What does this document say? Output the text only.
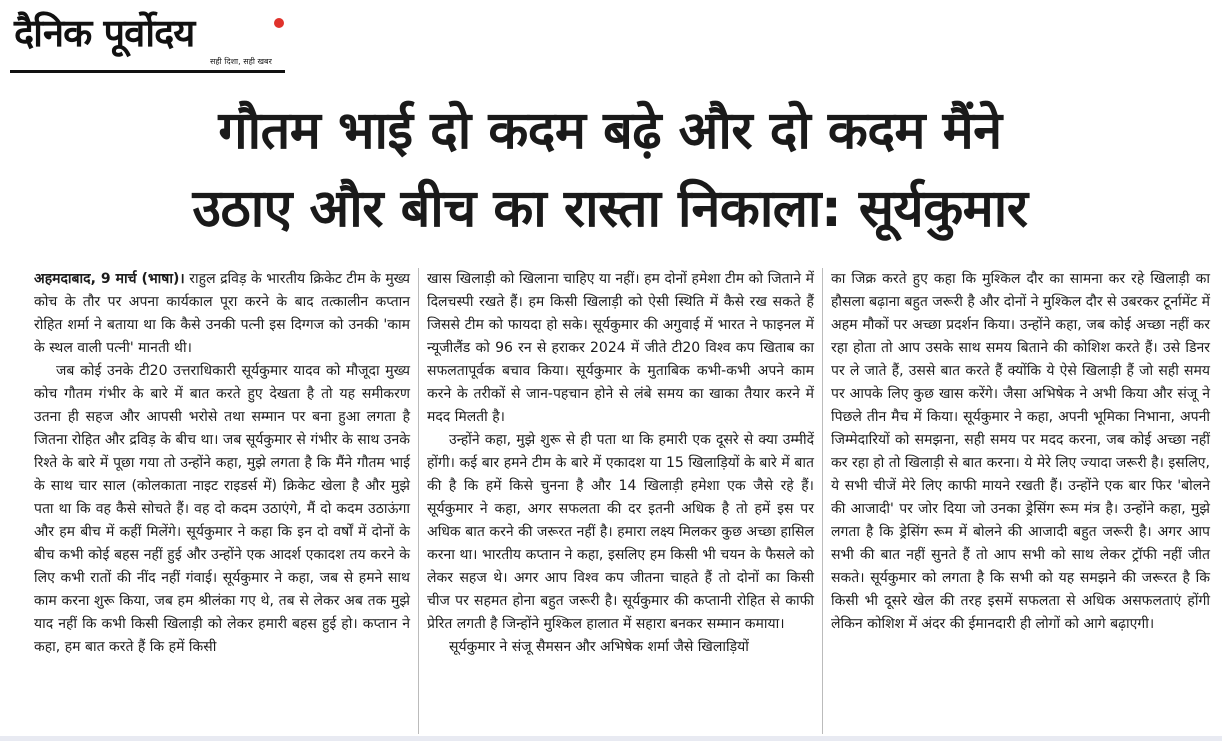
दैनिक पूर्वोदय
सही दिशा, सही खबर
गौतम भाई दो कदम बढ़े और दो कदम मैंने
उठाए और बीच का रास्ता निकाला: सूर्यकुमार

अहमदाबाद, 9 मार्च (भाषा)। राहुल द्रविड़ के भारतीय क्रिकेट टीम के मुख्य कोच के तौर पर अपना कार्यकाल पूरा करने के बाद तत्कालीन कप्तान रोहित शर्मा ने बताया था कि कैसे उनकी पत्नी इस दिग्गज को उनकी 'काम के स्थल वाली पत्नी' मानती थी।

जब कोई उनके टी20 उत्तराधिकारी सूर्यकुमार यादव को मौजूदा मुख्य कोच गौतम गंभीर के बारे में बात करते हुए देखता है तो यह समीकरण उतना ही सहज और आपसी भरोसे तथा सम्मान पर बना हुआ लगता है जितना रोहित और द्रविड़ के बीच था। जब सूर्यकुमार से गंभीर के साथ उनके रिश्ते के बारे में पूछा गया तो उन्होंने कहा, मुझे लगता है कि मैंने गौतम भाई के साथ चार साल (कोलकाता नाइट राइडर्स में) क्रिकेट खेला है और मुझे पता था कि वह कैसे सोचते हैं। वह दो कदम उठाएंगे, मैं दो कदम उठाऊंगा और हम बीच में कहीं मिलेंगे। सूर्यकुमार ने कहा कि इन दो वर्षों में दोनों के बीच कभी कोई बहस नहीं हुई और उन्होंने एक आदर्श एकादश तय करने के लिए कभी रातों की नींद नहीं गंवाई। सूर्यकुमार ने कहा, जब से हमने साथ काम करना शुरू किया, जब हम श्रीलंका गए थे, तब से लेकर अब तक मुझे याद नहीं कि कभी किसी खिलाड़ी को लेकर हमारी बहस हुई हो। कप्तान ने कहा, हम बात करते हैं कि हमें किसी

खास खिलाड़ी को खिलाना चाहिए या नहीं। हम दोनों हमेशा टीम को जिताने में दिलचस्पी रखते हैं। हम किसी खिलाड़ी को ऐसी स्थिति में कैसे रख सकते हैं जिससे टीम को फायदा हो सके। सूर्यकुमार की अगुवाई में भारत ने फाइनल में न्यूजीलैंड को 96 रन से हराकर 2024 में जीते टी20 विश्व कप खिताब का सफलतापूर्वक बचाव किया। सूर्यकुमार के मुताबिक कभी-कभी अपने काम करने के तरीकों से जान-पहचान होने से लंबे समय का खाका तैयार करने में मदद मिलती है।

उन्होंने कहा, मुझे शुरू से ही पता था कि हमारी एक दूसरे से क्या उम्मीदें होंगी। कई बार हमने टीम के बारे में एकादश या 15 खिलाड़ियों के बारे में बात की है कि हमें किसे चुनना है और 14 खिलाड़ी हमेशा एक जैसे रहे हैं। सूर्यकुमार ने कहा, अगर सफलता की दर इतनी अधिक है तो हमें इस पर अधिक बात करने की जरूरत नहीं है। हमारा लक्ष्य मिलकर कुछ अच्छा हासिल करना था। भारतीय कप्तान ने कहा, इसलिए हम किसी भी चयन के फैसले को लेकर सहज थे। अगर आप विश्व कप जीतना चाहते हैं तो दोनों का किसी चीज पर सहमत होना बहुत जरूरी है। सूर्यकुमार की कप्तानी रोहित से काफी प्रेरित लगती है जिन्होंने मुश्किल हालात में सहारा बनकर सम्मान कमाया।

सूर्यकुमार ने संजू सैमसन और अभिषेक शर्मा जैसे खिलाड़ियों

का जिक्र करते हुए कहा कि मुश्किल दौर का सामना कर रहे खिलाड़ी का हौसला बढ़ाना बहुत जरूरी है और दोनों ने मुश्किल दौर से उबरकर टूर्नामेंट में अहम मौकों पर अच्छा प्रदर्शन किया। उन्होंने कहा, जब कोई अच्छा नहीं कर रहा होता तो आप उसके साथ समय बिताने की कोशिश करते हैं। उसे डिनर पर ले जाते हैं, उससे बात करते हैं क्योंकि ये ऐसे खिलाड़ी हैं जो सही समय पर आपके लिए कुछ खास करेंगे। जैसा अभिषेक ने अभी किया और संजू ने पिछले तीन मैच में किया। सूर्यकुमार ने कहा, अपनी भूमिका निभाना, अपनी जिम्मेदारियों को समझना, सही समय पर मदद करना, जब कोई अच्छा नहीं कर रहा हो तो खिलाड़ी से बात करना। ये मेरे लिए ज्यादा जरूरी है। इसलिए, ये सभी चीजें मेरे लिए काफी मायने रखती हैं। उन्होंने एक बार फिर 'बोलने की आजादी' पर जोर दिया जो उनका ड्रेसिंग रूम मंत्र है। उन्होंने कहा, मुझे लगता है कि ड्रेसिंग रूम में बोलने की आजादी बहुत जरूरी है। अगर आप सभी की बात नहीं सुनते हैं तो आप सभी को साथ लेकर ट्रॉफी नहीं जीत सकते। सूर्यकुमार को लगता है कि सभी को यह समझने की जरूरत है कि किसी भी दूसरे खेल की तरह इसमें सफलता से अधिक असफलताएं होंगी लेकिन कोशिश में अंदर की ईमानदारी ही लोगों को आगे बढ़ाएगी।
